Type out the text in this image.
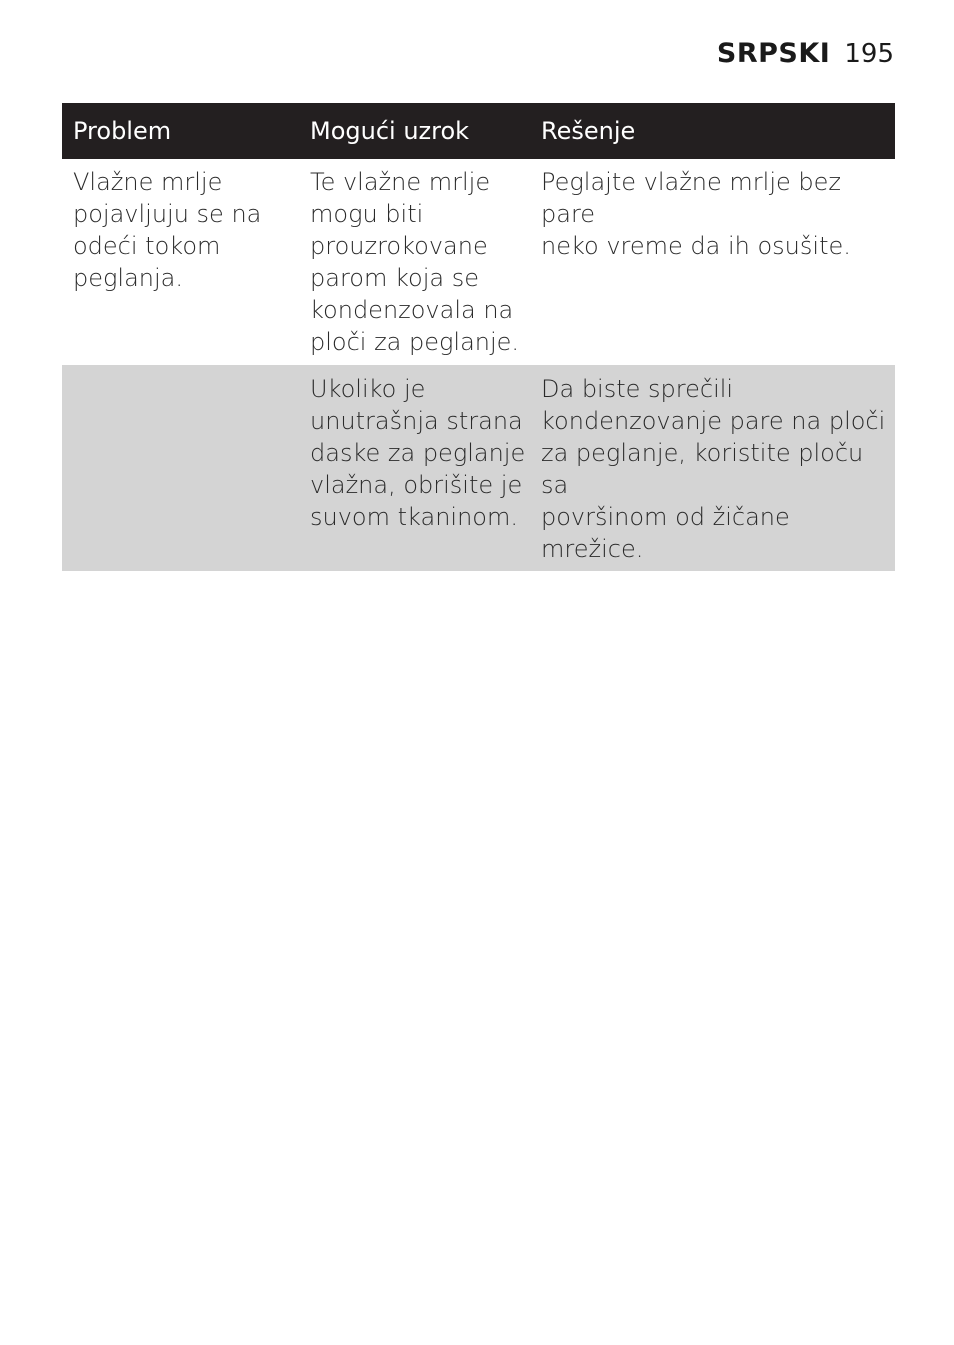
SRPSKI 195
Problem	Mogući uzrok	Rešenje
Vlažne mrlje
pojavljuju se na
odeći tokom
peglanja.
Te vlažne mrlje
mogu biti
prouzrokovane
parom koja se
kondenzovala na
ploči za peglanje.
Peglajte vlažne mrlje bez pare
neko vreme da ih osušite.
Ukoliko je
unutrašnja strana
daske za peglanje
vlažna, obrišite je
suvom tkaninom.
Da biste sprečili
kondenzovanje pare na ploči
za peglanje, koristite ploču sa
površinom od žičane mrežice.
